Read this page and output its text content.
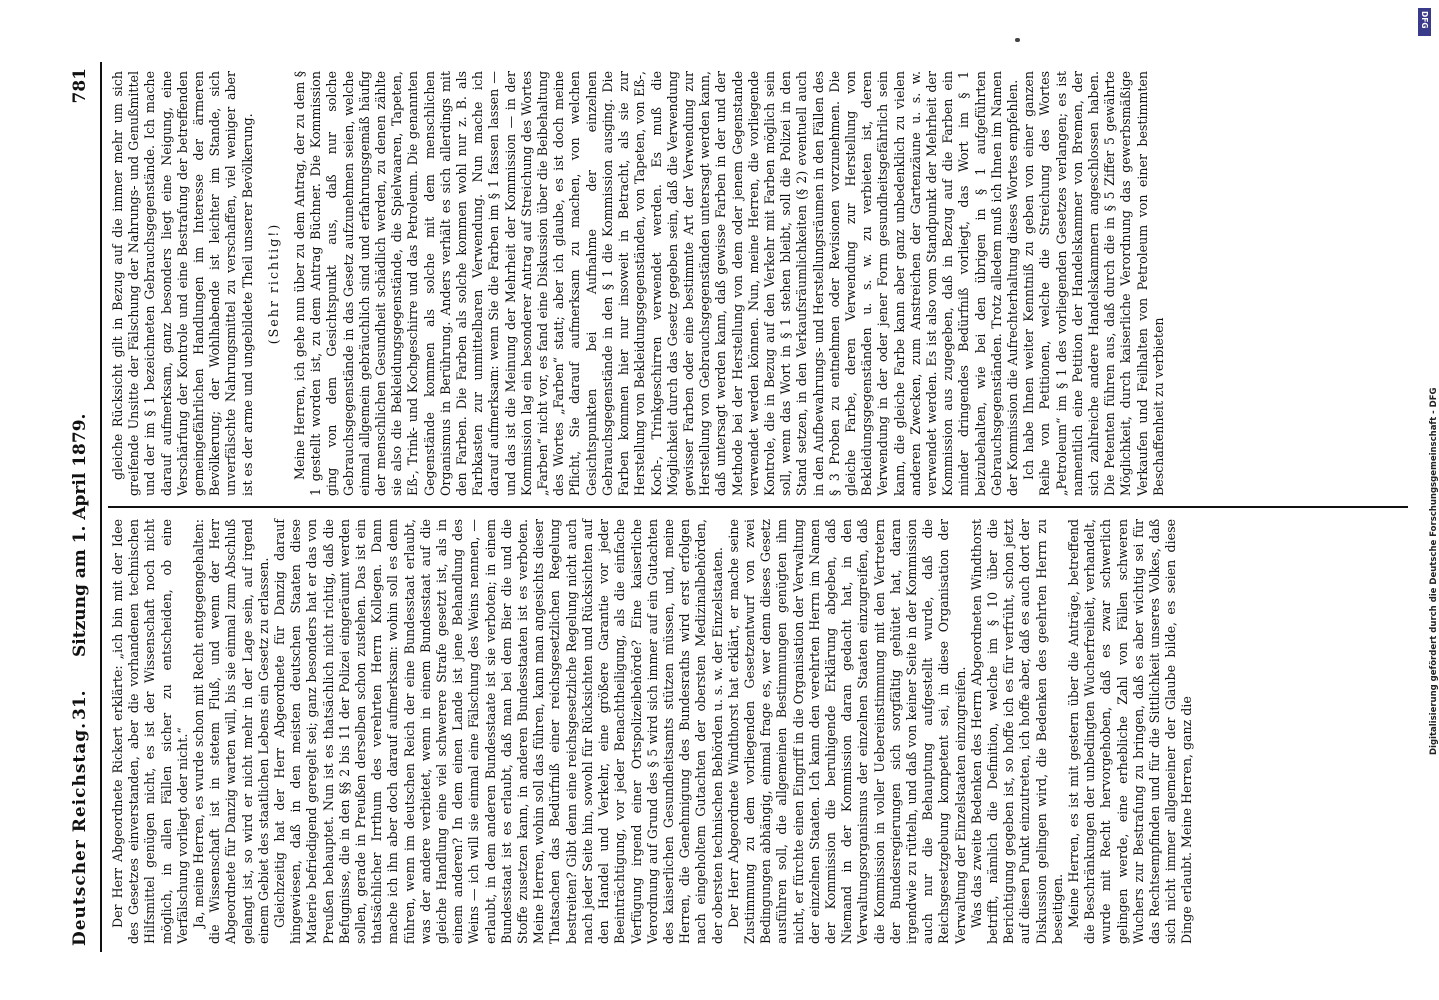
Deutscher Reichstag.
31.
Sitzung am 1. April 1879.
781

Der Herr Abgeordnete Rickert erklärte: „ich bin mit der Idee des Gesetzes einverstanden, aber die vorhandenen technischen Hilfsmittel genügen nicht, es ist der Wissenschaft noch nicht möglich, in allen Fällen sicher zu entscheiden, ob eine Verfälschung vorliegt oder nicht.“ Ja, meine Herren, es wurde schon mit Recht entgegengehalten: die Wissenschaft ist in stetem Fluß, und wenn der Herr Abgeordnete für Danzig warten will, bis sie einmal zum Abschluß gelangt ist, so wird er nicht mehr in der Lage sein, auf irgend einem Gebiet des staatlichen Lebens ein Gesetz zu erlassen. Gleichzeitig hat der Herr Abgeordnete für Danzig darauf hingewiesen, daß in den meisten deutschen Staaten diese Materie befriedigend geregelt sei; ganz besonders hat er das von Preußen behauptet. Nun ist es thatsächlich nicht richtig, daß die Befugnisse, die in den §§ 2 bis 11 der Polizei eingeräumt werden sollen, gerade in Preußen derselben schon zustehen. Das ist ein thatsächlicher Irrthum des verehrten Herrn Kollegen. Dann mache ich ihn aber doch darauf aufmerksam: wohin soll es denn führen, wenn im deutschen Reich der eine Bundesstaat erlaubt, was der andere verbietet, wenn in einem Bundesstaat auf die gleiche Handlung eine viel schwerere Strafe gesetzt ist, als in einem anderen? In dem einen Lande ist jene Behandlung des Weins — ich will sie einmal eine Fälschung des Weins nennen, — erlaubt, in dem anderen Bundesstaate ist sie verboten; in einem Bundesstaat ist es erlaubt, daß man bei dem Bier die und die Stoffe zusetzen kann, in anderen Bundesstaaten ist es verboten. Meine Herren, wohin soll das führen, kann man angesichts dieser Thatsachen das Bedürfniß einer reichsgesetzlichen Regelung bestreiten? Gibt denn eine reichsgesetzliche Regelung nicht auch nach jeder Seite hin, sowohl für Rücksichten und Rücksichten auf den Handel und Verkehr, eine größere Garantie vor jeder Beeinträchtigung, vor jeder Benachtheiligung, als die einfache Verfügung irgend einer Ortspolizeibehörde? Eine kaiserliche Verordnung auf Grund des § 5 wird sich immer auf ein Gutachten des kaiserlichen Gesundheitsamts stützen müssen, und, meine Herren, die Genehmigung des Bundesraths wird erst erfolgen nach eingeholtem Gutachten der obersten Medizinalbehörden, der obersten technischen Behörden u. s. w. der Einzelstaaten. Der Herr Abgeordnete Windthorst hat erklärt, er mache seine Zustimmung zu dem vorliegenden Gesetzentwurf von zwei Bedingungen abhängig, einmal frage es, wer denn dieses Gesetz ausführen soll, die allgemeinen Bestimmungen genügten ihm nicht, er fürchte einen Eingriff in die Organisation der Verwaltung der einzelnen Staaten. Ich kann den verehrten Herrn im Namen der Kommission die beruhigende Erklärung abgeben, daß Niemand in der Kommission daran gedacht hat, in den Verwaltungsorganismus der einzelnen Staaten einzugreifen, daß die Kommission in voller Uebereinstimmung mit den Vertretern der Bundesregierungen sich sorgfältig gehütet hat, daran irgendwie zu rütteln, und daß von keiner Seite in der Kommission auch nur die Behauptung aufgestellt wurde, daß die Reichsgesetzgebung kompetent sei, in diese Organisation der Verwaltung der Einzelstaaten einzugreifen. Was das zweite Bedenken des Herrn Abgeordneten Windthorst betrifft, nämlich die Definition, welche im § 10 über die Berichtigung gegeben ist, so hoffe ich es für verfrüht, schon jetzt auf diesen Punkt einzutreten, ich hoffe aber, daß es auch dort der Diskussion gelingen wird, die Bedenken des geehrten Herrn zu beseitigen. Meine Herren, es ist mit gestern über die Anträge, betreffend die Beschränkungen der unbedingten Wucherfreiheit, verhandelt, wurde mit Recht hervorgehoben, daß es zwar schwerlich gelingen werde, eine erhebliche Zahl von Fällen schweren Wuchers zur Bestrafung zu bringen, daß es aber wichtig sei für das Rechtsempfinden und für die Sittlichkeit unseres Volkes, daß sich nicht immer allgemeiner der Glaube bilde, es seien diese Dinge erlaubt. Meine Herren, ganz die

gleiche Rücksicht gilt in Bezug auf die immer mehr um sich greifende Unsitte der Fälschung der Nahrungs- und Genußmittel und der im § 1 bezeichneten Gebrauchsgegenstände. Ich mache darauf aufmerksam, ganz besonders liegt eine Neigung, eine Verschärfung der Kontrole und eine Bestrafung der betreffenden gemeingefährlichen Handlungen im Interesse der ärmeren Bevölkerung; der Wohlhabende ist leichter im Stande, sich unverfälschte Nahrungsmittel zu verschaffen, viel weniger aber ist es der arme und ungebildete Theil unserer Bevölkerung. (Sehr richtig!) Meine Herren, ich gehe nun über zu dem Antrag, der zu dem § 1 gestellt worden ist, zu dem Antrag Büchner. Die Kommission ging von dem Gesichtspunkt aus, daß nur solche Gebrauchsgegenstände in das Gesetz aufzunehmen seien, welche einmal allgemein gebräuchlich sind und erfahrungsgemäß häufig der menschlichen Gesundheit schädlich werden, zu denen zählte sie also die Bekleidungsgegenstände, die Spielwaaren, Tapeten, Eß-, Trink- und Kochgeschirre und das Petroleum. Die genannten Gegenstände kommen als solche mit dem menschlichen Organismus in Berührung. Anders verhält es sich allerdings mit den Farben. Die Farben als solche kommen wohl nur z. B. als Farbkasten zur unmittelbaren Verwendung. Nun mache ich darauf aufmerksam: wenn Sie die Farben im § 1 fassen lassen — und das ist die Meinung der Mehrheit der Kommission — in der Kommission lag ein besonderer Antrag auf Streichung des Wortes „Farben“ nicht vor, es fand eine Diskussion über die Beibehaltung des Wortes „Farben“ statt; aber ich glaube, es ist doch meine Pflicht, Sie darauf aufmerksam zu machen, von welchen Gesichtspunkten bei Aufnahme der einzelnen Gebrauchsgegenstände in den § 1 die Kommission ausging. Die Farben kommen hier nur insoweit in Betracht, als sie zur Herstellung von Bekleidungsgegenständen, von Tapeten, von Eß-, Koch-, Trinkgeschirren verwendet werden. Es muß die Möglichkeit durch das Gesetz gegeben sein, daß die Verwendung gewisser Farben oder eine bestimmte Art der Verwendung zur Herstellung von Gebrauchsgegenständen untersagt werden kann, daß untersagt werden kann, daß gewisse Farben in der und der Methode bei der Herstellung von dem oder jenem Gegenstande verwendet werden können. Nun, meine Herren, die vorliegende Kontrole, die in Bezug auf den Verkehr mit Farben möglich sein soll, wenn das Wort in § 1 stehen bleibt, soll die Polizei in den Stand setzen, in den Verkaufsräumlichkeiten (§ 2) eventuell auch in den Aufbewahrungs- und Herstellungsräumen in den Fällen des § 3 Proben zu entnehmen oder Revisionen vorzunehmen. Die gleiche Farbe, deren Verwendung zur Herstellung von Bekleidungsgegenständen u. s. w. zu verbieten ist, deren Verwendung in der oder jener Form gesundheitsgefährlich sein kann, die gleiche Farbe kann aber ganz unbedenklich zu vielen anderen Zwecken, zum Anstreichen der Gartenzäune u. s. w. verwendet werden. Es ist also vom Standpunkt der Mehrheit der Kommission aus zugegeben, daß in Bezug auf die Farben ein minder dringendes Bedürfniß vorliegt, das Wort im § 1 beizubehalten, wie bei den übrigen in § 1 aufgeführten Gebrauchsgegenständen. Trotz alledem muß ich Ihnen im Namen der Kommission die Aufrechterhaltung dieses Wortes empfehlen. Ich habe Ihnen weiter Kenntniß zu geben von einer ganzen Reihe von Petitionen, welche die Streichung des Wortes „Petroleum“ im § 1 des vorliegenden Gesetzes verlangen; es ist namentlich eine Petition der Handelskammer von Bremen, der sich zahlreiche andere Handelskammern angeschlossen haben. Die Petenten führen aus, daß durch die in § 5 Ziffer 5 gewährte Möglichkeit, durch kaiserliche Verordnung das gewerbsmäßige Verkaufen und Feilhalten von Petroleum von einer bestimmten Beschaffenheit zu verbieten

DFG
Digitalisierung gefördert durch die Deutsche Forschungsgemeinschaft - DFG
